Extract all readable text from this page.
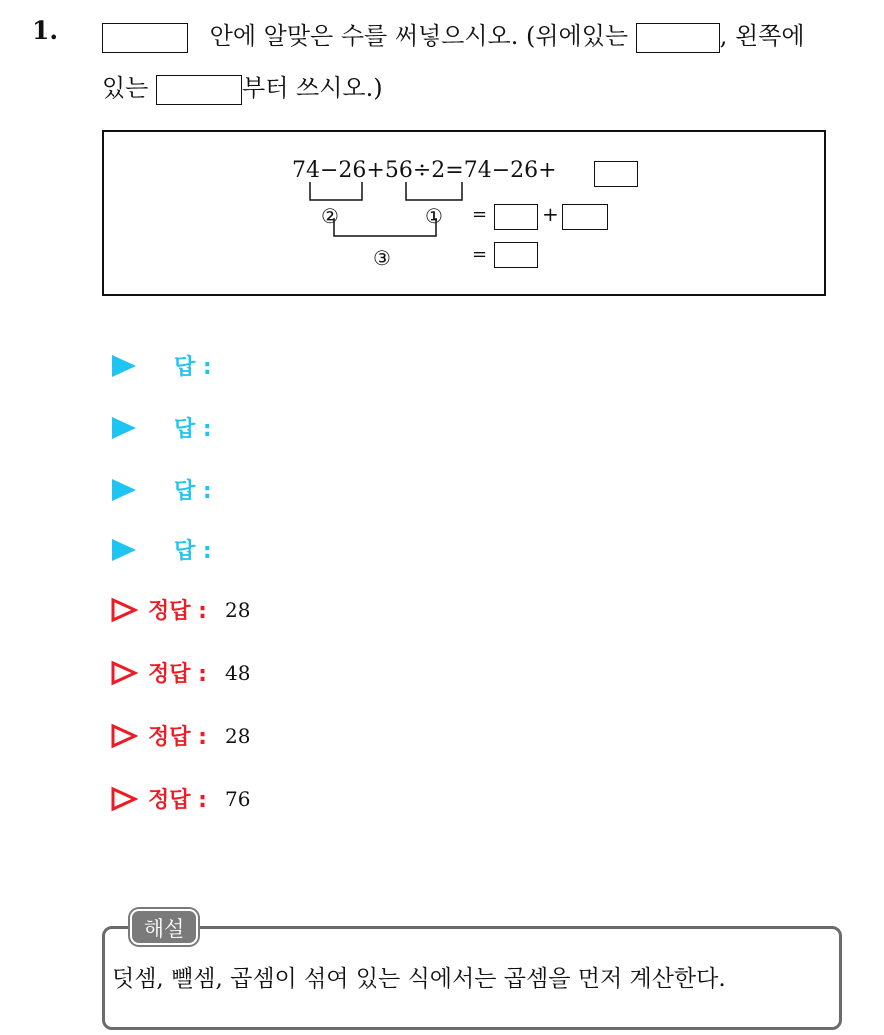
1.	안에 알맞은 수를 써넣으시오. (위에있는	, 왼쪽에
있는	부터 쓰시오.)
74−26+56÷2=74−26+
②	①
③
=	+
=
답 :
답 :
답 :
답 :
정답 : 28
정답 : 48
정답 : 28
정답 : 76
해설
덧셈, 뺄셈, 곱셈이 섞여 있는 식에서는 곱셈을 먼저 계산한다.
